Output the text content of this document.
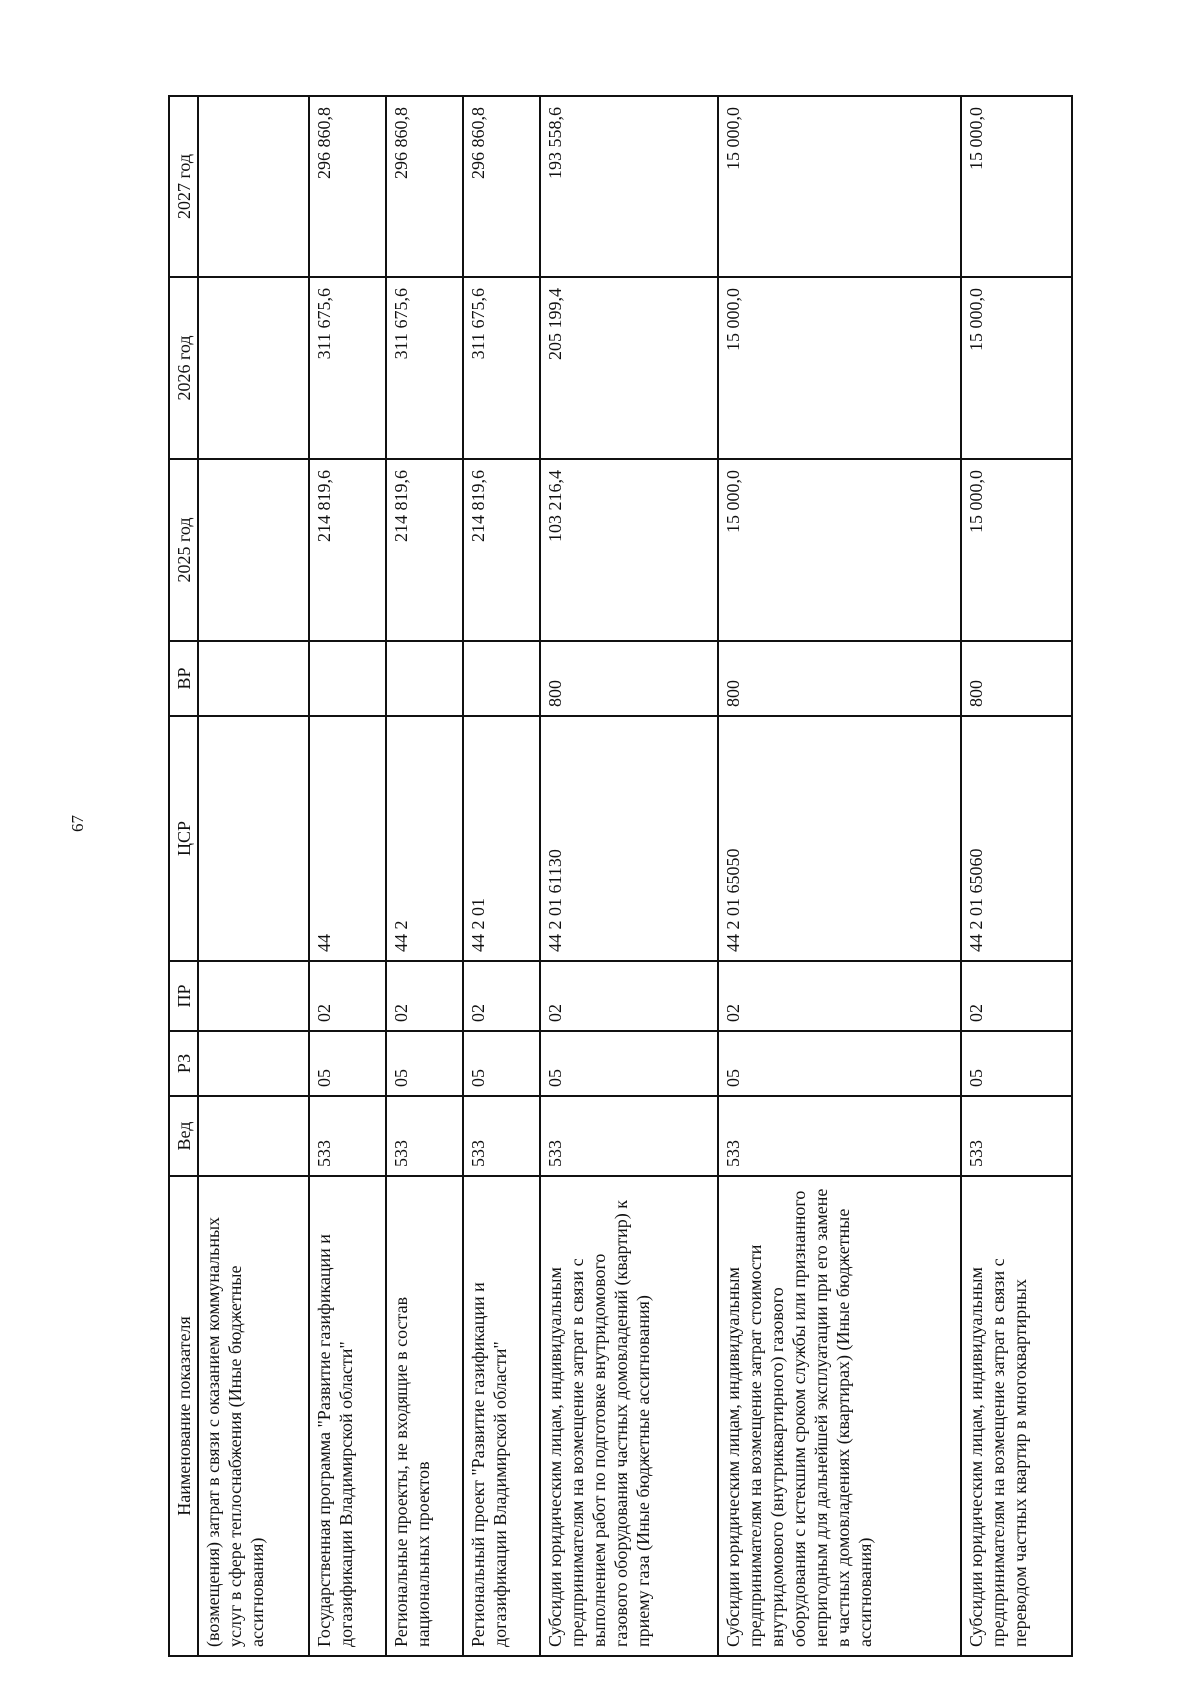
67
Наименование показателя	Вед	РЗ	ПР	ЦСР	ВР	2025 год	2026 год	2027 год
(возмещения) затрат в связи с оказанием коммунальных услуг в сфере теплоснабжения (Иные бюджетные ассигнования)								
Государственная программа "Развитие газификации и догазификации Владимирской области"	533	05	02	44		214 819,6	311 675,6	296 860,8
Региональные проекты, не входящие в состав национальных проектов	533	05	02	44 2		214 819,6	311 675,6	296 860,8
Региональный проект "Развитие газификации и догазификации Владимирской области"	533	05	02	44 2 01		214 819,6	311 675,6	296 860,8
Субсидии юридическим лицам, индивидуальным предпринимателям на возмещение затрат в связи с выполнением работ по подготовке внутридомового газового оборудования частных домовладений (квартир) к приему газа (Иные бюджетные ассигнования)	533	05	02	44 2 01 61130	800	103 216,4	205 199,4	193 558,6
Субсидии юридическим лицам, индивидуальным предпринимателям на возмещение затрат стоимости внутридомового (внутриквартирного) газового оборудования с истекшим сроком службы или признанного непригодным для дальнейшей эксплуатации при его замене в частных домовладениях (квартирах) (Иные бюджетные ассигнования)	533	05	02	44 2 01 65050	800	15 000,0	15 000,0	15 000,0
Субсидии юридическим лицам, индивидуальным предпринимателям на возмещение затрат в связи с переводом частных квартир в многоквартирных	533	05	02	44 2 01 65060	800	15 000,0	15 000,0	15 000,0
